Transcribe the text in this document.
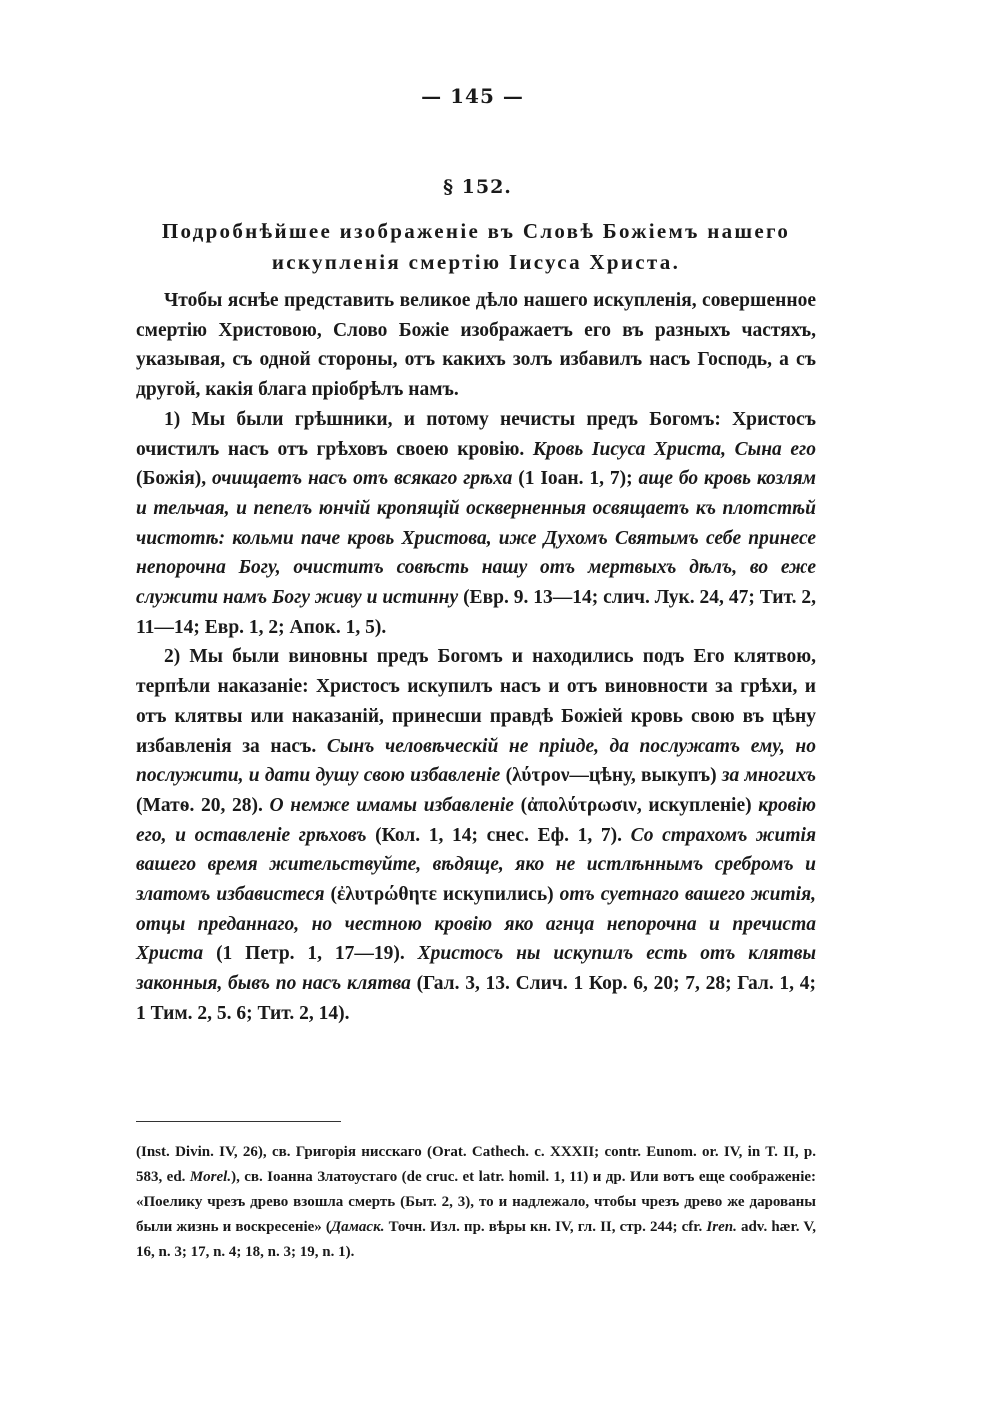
— 145 —
§ 152.
Подробнѣйшее изображеніе въ Словѣ Божіемъ нашего искупленія смертію Іисуса Христа.

Чтобы яснѣе представить великое дѣло нашего искупленія, совершенное смертію Христовою, Слово Божіе изображаетъ его въ разныхъ частяхъ, указывая, съ одной стороны, отъ какихъ золъ избавилъ насъ Господь, а съ другой, какія блага пріобрѣлъ намъ.

1) Мы были грѣшники, и потому нечисты предъ Богомъ: Христосъ очистилъ насъ отъ грѣховъ своею кровію. Кровь Іисуса Христа, Сына его (Божія), очищаетъ насъ отъ всякаго грѣха (1 Іоан. 1, 7); аще бо кровь козлям и тельчая, и пепелъ юнчій кропящій оскверненныя освящаетъ къ плотстѣй чистотѣ: кольми паче кровь Христова, иже Духомъ Святымъ себе принесе непорочна Богу, очиститъ совѣсть нашу отъ мертвыхъ дѣлъ, во еже служити намъ Богу живу и истинну (Евр. 9. 13—14; слич. Лук. 24, 47; Тит. 2, 11—14; Евр. 1, 2; Апок. 1, 5).

2) Мы были виновны предъ Богомъ и находились подъ Его клятвою, терпѣли наказаніе: Христосъ искупилъ насъ и отъ виновности за грѣхи, и отъ клятвы или наказаній, принесши правдѣ Божіей кровь свою въ цѣну избавленія за насъ. Сынъ человѣческій не пріиде, да послужатъ ему, но послужити, и дати душу свою избавленіе (λύτρον—цѣну, выкупъ) за многихъ (Матѳ. 20, 28). О немже имамы избавленіе (ἀπολύτρωσιν, искупленіе) кровію его, и оставленіе грѣховъ (Кол. 1, 14; снес. Еф. 1, 7). Со страхомъ житія вашего время жительствуйте, вѣдяще, яко не истлѣннымъ сребромъ и златомъ избавистеся (ἐλυτρώθητε искупились) отъ суетнаго вашего житія, отцы преданнаго, но честною кровію яко агнца непорочна и пречиста Христа (1 Петр. 1, 17—19). Христосъ ны искупилъ есть отъ клятвы законныя, бывъ по насъ клятва (Гал. 3, 13. Слич. 1 Кор. 6, 20; 7, 28; Гал. 1, 4; 1 Тим. 2, 5. 6; Тит. 2, 14).

(Inst. Divin. IV, 26), св. Григорія нисскаго (Orat. Cathech. c. XXXII; contr. Eunom. or. IV, in T. II, p. 583, ed. Morel.), св. Іоанна Златоустаго (de cruc. et latr. homil. 1, 11) и др. Или вотъ еще соображеніе: «Поелику чрезъ древо взошла смерть (Быт. 2, 3), то и надлежало, чтобы чрезъ древо же дарованы были жизнь и воскресеніе» (Дамаск. Точн. Изл. пр. вѣры кн. IV, гл. II, стр. 244; cfr. Iren. adv. hær. V, 16, n. 3; 17, n. 4; 18, n. 3; 19, n. 1).
